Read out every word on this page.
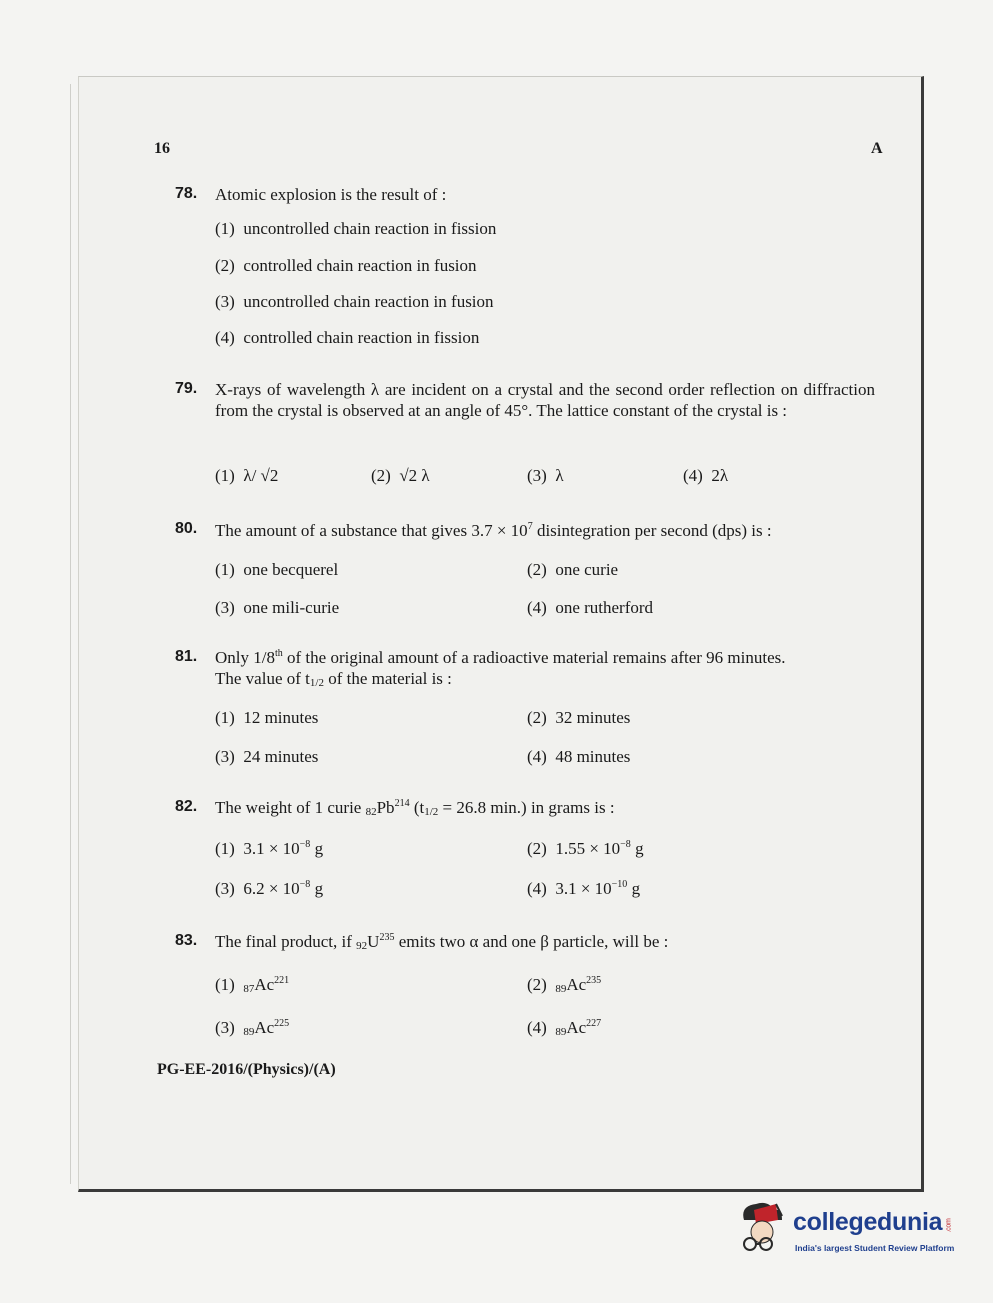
16	A
78. Atomic explosion is the result of :
(1) uncontrolled chain reaction in fission
(2) controlled chain reaction in fusion
(3) uncontrolled chain reaction in fusion
(4) controlled chain reaction in fission
79. X-rays of wavelength λ are incident on a crystal and the second order reflection on diffraction from the crystal is observed at an angle of 45°. The lattice constant of the crystal is :
(1) λ/ √2	(2) √2 λ	(3) λ	(4) 2λ
80. The amount of a substance that gives $3.7 \times 10^7$ disintegration per second (dps) is :
(1) one becquerel	(2) one curie
(3) one mili-curie	(4) one rutherford
81. Only 1/8th of the original amount of a radioactive material remains after 96 minutes.
The value of $t_{1/2}$ of the material is :
(1) 12 minutes	(2) 32 minutes
(3) 24 minutes	(4) 48 minutes
82. The weight of 1 curie $_{82}Pb^{214}$ ($t_{1/2} = 26.8$ min.) in grams is :
(1) $3.1 \times 10^{-8}$ g	(2) $1.55 \times 10^{-8}$ g
(3) $6.2 \times 10^{-8}$ g	(4) $3.1 \times 10^{-10}$ g
83. The final product, if $_{92}U^{235}$ emits two α and one β particle, will be :
(1) $_{87}Ac^{221}$	(2) $_{89}Ac^{235}$
(3) $_{89}Ac^{225}$	(4) $_{89}Ac^{227}$
PG-EE-2016/(Physics)/(A)
collegedunia .com
India's largest Student Review Platform
